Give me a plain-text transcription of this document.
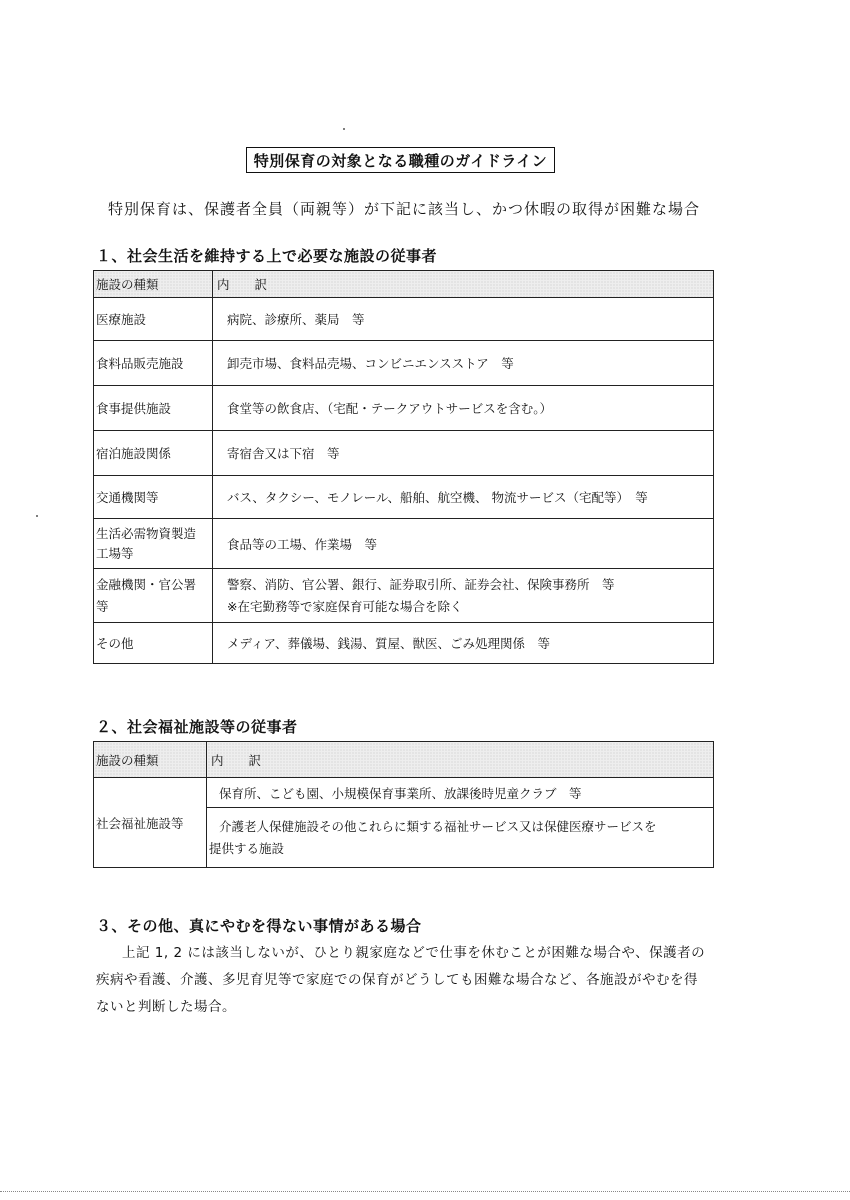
特別保育の対象となる職種のガイドライン
特別保育は、保護者全員（両親等）が下記に該当し、かつ休暇の取得が困難な場合
１、社会生活を維持する上で必要な施設の従事者
施設の種類	内　　訳
医療施設	病院、診療所、薬局　等
食料品販売施設	卸売市場、食料品売場、コンビニエンスストア　等
食事提供施設	食堂等の飲食店、（宅配・テークアウトサービスを含む。）
宿泊施設関係	寄宿舎又は下宿　等
交通機関等	バス、タクシー、モノレール、船舶、航空機、 物流サービス（宅配等）　等

生活必需物資製造
工場等	食品等の工場、作業場　等

金融機関・官公署
等	警察、消防、官公署、銀行、証券取引所、証券会社、保険事務所　等
※在宅勤務等で家庭保育可能な場合を除く

その他	メディア、葬儀場、銭湯、質屋、獣医、ごみ処理関係　等
２、社会福祉施設等の従事者
施設の種類	内　　訳
社会福祉施設等	保育所、こども園、小規模保育事業所、放課後時児童クラブ　等

	介護老人保健施設その他これらに類する福祉サービス又は保健医療サービスを
提供する施設
３、その他、真にやむを得ない事情がある場合
上記 1, 2 には該当しないが、ひとり親家庭などで仕事を休むことが困難な場合や、保護者の
疾病や看護、介護、多児育児等で家庭での保育がどうしても困難な場合など、各施設がやむを得
ないと判断した場合。
